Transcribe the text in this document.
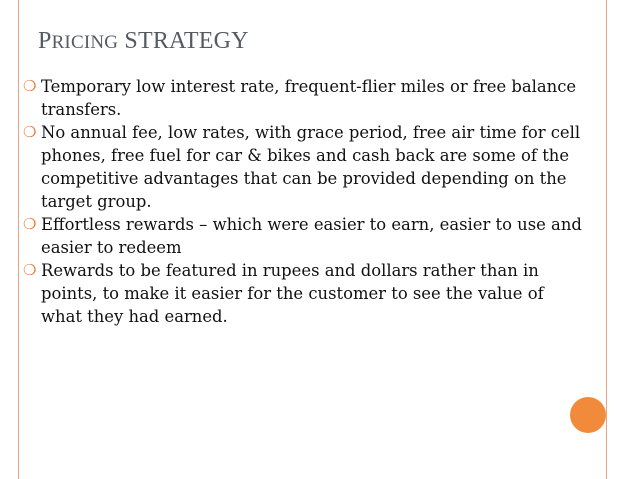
PRICING STRATEGY
❍ Temporary low interest rate, frequent-flier miles or free balance transfers.
❍ No annual fee, low rates, with grace period, free air time for cell phones, free fuel for car & bikes and cash back are some of the competitive advantages that can be provided depending on the target group.
❍ Effortless rewards – which were easier to earn, easier to use and easier to redeem
❍ Rewards to be featured in rupees and dollars rather than in points, to make it easier for the customer to see the value of what they had earned.
